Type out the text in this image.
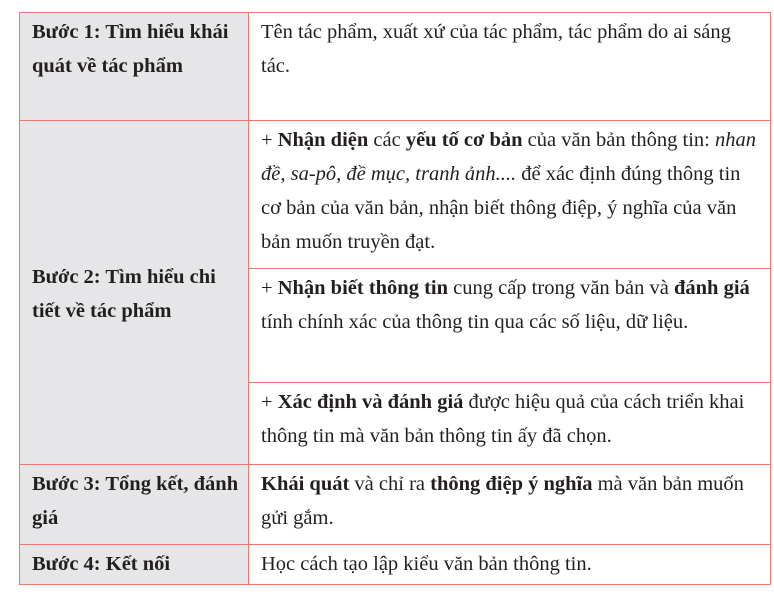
Bước 1: Tìm hiểu khái quát về tác phẩm	Tên tác phẩm, xuất xứ của tác phẩm, tác phẩm do ai sáng tác.
Bước 2: Tìm hiểu chi tiết về tác phẩm	+ Nhận diện các yếu tố cơ bản của văn bản thông tin: nhan đề, sa-pô, đề mục, tranh ảnh.... để xác định đúng thông tin cơ bản của văn bản, nhận biết thông điệp, ý nghĩa của văn bản muốn truyền đạt.
	+ Nhận biết thông tin cung cấp trong văn bản và đánh giá tính chính xác của thông tin qua các số liệu, dữ liệu.
	+ Xác định và đánh giá được hiệu quả của cách triển khai thông tin mà văn bản thông tin ấy đã chọn.
Bước 3: Tổng kết, đánh giá	Khái quát và chỉ ra thông điệp ý nghĩa mà văn bản muốn gửi gắm.
Bước 4: Kết nối	Học cách tạo lập kiểu văn bản thông tin.
